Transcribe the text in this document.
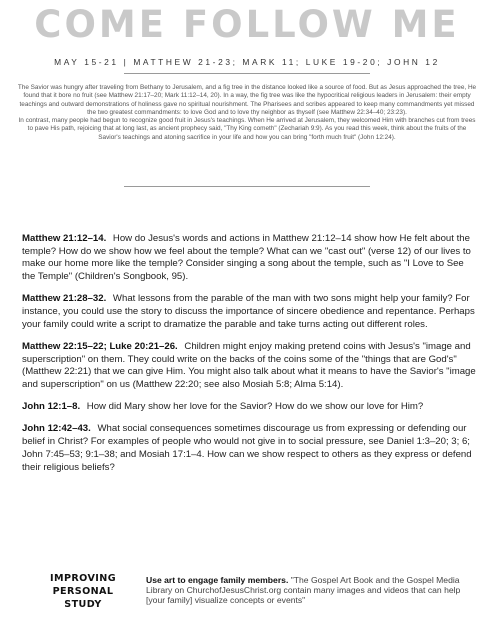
COME FOLLOW ME
MAY 15-21 | MATTHEW 21-23; MARK 11; LUKE 19-20; JOHN 12

The Savior was hungry after traveling from Bethany to Jerusalem, and a fig tree in the distance looked like a source of food. But as Jesus approached the tree, He found that it bore no fruit (see Matthew 21:17–20; Mark 11:12–14, 20). In a way, the fig tree was like the hypocritical religious leaders in Jerusalem: their empty teachings and outward demonstrations of holiness gave no spiritual nourishment. The Pharisees and scribes appeared to keep many commandments yet missed the two greatest commandments: to love God and to love thy neighbor as thyself (see Matthew 22:34–40; 23:23).

In contrast, many people had begun to recognize good fruit in Jesus's teachings. When He arrived at Jerusalem, they welcomed Him with branches cut from trees to pave His path, rejoicing that at long last, as ancient prophecy said, "Thy King cometh" (Zechariah 9:9). As you read this week, think about the fruits of the Savior's teachings and atoning sacrifice in your life and how you can bring "forth much fruit" (John 12:24).

Matthew 21:12–14. How do Jesus's words and actions in Matthew 21:12–14 show how He felt about the temple? How do we show how we feel about the temple? What can we "cast out" (verse 12) of our lives to make our home more like the temple? Consider singing a song about the temple, such as "I Love to See the Temple" (Children's Songbook, 95).

Matthew 21:28–32. What lessons from the parable of the man with two sons might help your family? For instance, you could use the story to discuss the importance of sincere obedience and repentance. Perhaps your family could write a script to dramatize the parable and take turns acting out different roles.

Matthew 22:15–22; Luke 20:21–26. Children might enjoy making pretend coins with Jesus's "image and superscription" on them. They could write on the backs of the coins some of the "things that are God's" (Matthew 22:21) that we can give Him. You might also talk about what it means to have the Savior's "image and superscription" on us (Matthew 22:20; see also Mosiah 5:8; Alma 5:14).

John 12:1–8. How did Mary show her love for the Savior? How do we show our love for Him?

John 12:42–43. What social consequences sometimes discourage us from expressing or defending our belief in Christ? For examples of people who would not give in to social pressure, see Daniel 1:3–20; 3; 6; John 7:45–53; 9:1–38; and Mosiah 17:1–4. How can we show respect to others as they express or defend their religious beliefs?

IMPROVING
PERSONAL
STUDY
Use art to engage family members. "The Gospel Art Book and the Gospel Media Library on ChurchofJesusChrist.org contain many images and videos that can help [your family] visualize concepts or events"
